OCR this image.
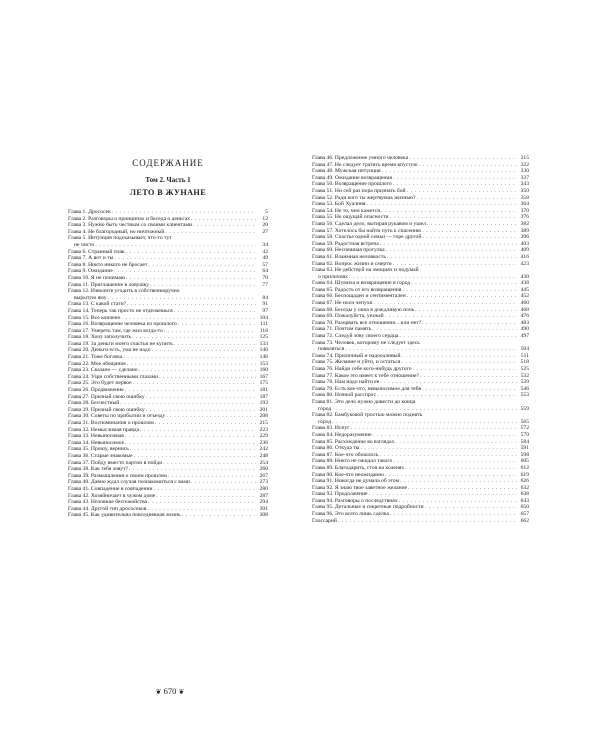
СОДЕРЖАНИЕ
Том 2. Часть 1
ЛЕТО В ЖУНАНЕ
Глава 1. Дрососек . . .	5
Глава 2. Разговоры о принципах и беседа о деньгах . . .	12
Глава 3. Нужно быть честным со своими клиентами . . .	20
Глава 4. Не благородный, но ничтожный . . .	27
Глава 5. Интуиция подсказывает, что-то тут
не чисто . . .	34
Глава 6. Странный плак . . .	42
Глава 7. А вот и ты . . .	49
Глава 8. Никто никого не бросает . . .	57
Глава 9. Ожидание . . .	64
Глава 10. Я не понимаю . . .	70
Глава 11. Приглашение в ловушку . . .	77
Глава 12. Изволите угодить в собственноручно
вырытую яму . . .	84
Глава 13. С какой стати? . . .	91
Глава 14. Теперь так просто не отделаешься . . .	97
Глава 15. Все кончено . . .	104
Глава 16. Возвращение человека из прошлого . . .	111
Глава 17. Умереть там, где жил когда-то . . .	118
Глава 18. Хочу заполучить . . .	125
Глава 19. За деньги моего счастья не купить . . .	133
Глава 20. Деньги есть, ума не надо . . .	140
Глава 21. Тоже богачка . . .	146
Глава 22. Мое обещание . . .	153
Глава 23. Сказано — сделано . . .	160
Глава 24. Узри собственными глазами . . .	167
Глава 25. Это будет первое . . .	175
Глава 26. Продвижение . . .	181
Глава 27. Признай свою ошибку . . .	187
Глава 28. Бесчестный . . .	193
Глава 29. Признай свою ошибку . . .	201
Глава 30. Советы по прибытии и отъезду . . .	208
Глава 31. Воспоминания о прошлом . . .	215
Глава 32. Немыслимая правда . . .	223
Глава 33. Невыносимая . . .	229
Глава 34. Невыносимое . . .	236
Глава 35. Прошу, вернись . . .	242
Глава 36. Старые знакомые . . .	248
Глава 37. Пойду вместо партии в пойди . . .	254
Глава 38. Как тебя зовут? . . .	260
Глава 39. Размышления о своем прошлом . . .	267
Глава 40. Давно ждал случая познакомиться с вами . . .	273
Глава 41. Совпадение в совпадении . . .	280
Глава 42. Хозяйничает в чужом доме . . .	287
Глава 43. Неловкие беспокойства . . .	294
Глава 44. Другой тип дрососеков . . .	301
Глава 45. Как удивительна повседневная жизнь . . .	308
Глава 46. Предложение умного человека . . .	315
Глава 47. Не следует тратить время впустую . . .	322
Глава 48. Мужская интуиция . . .	330
Глава 49. Ожидание возвращения . . .	337
Глава 50. Возвращение прошлого . . .	343
Глава 51. Ни сей раз пора признать бой . . .	350
Глава 52. Ради кого ты жертвуешь жизнью? . . .	358
Глава 53. Бой Хуалиня . . .	364
Глава 54. Не то, чем кажется . . .	370
Глава 55. Не ощущай опасности . . .	376
Глава 56. Сделал дело, вытирая рукавом и ушел . . .	382
Глава 57. Хотелось бы найти путь к спасению . . .	389
Глава 58. Счастье одной семьи — горе другой . . .	396
Глава 59. Радостная встреча . . .	403
Глава 60. Неспешная прогулка . . .	409
Глава 61. Взаимная неловкость . . .	416
Глава 62. Вопрос жизни и смерти . . .	423
Глава 63. Не действуй на эмоциях и подумай
о приличиях . . .	430
Глава 64. Шумиха и возвращение в город . . .	438
Глава 65. Радость от его возвращения . . .	445
Глава 66. Беспощаден и сентиментален . . .	452
Глава 67. Не носи чепухи . . .	460
Глава 68. Беседы у окна в дождливую ночь . . .	468
Глава 69. Пожалуйста, уезжай . . .	476
Глава 70. Разорвать все отношения... или нет? . . .	483
Глава 71. Почтим память . . .	490
Глава 72. Следуй зову своего сердца . . .	497
Глава 73. Человек, которому не следует здесь
появляться . . .	504
Глава 74. Приличный и надоедливый . . .	511
Глава 75. Желание и уйти, и остаться . . .	518
Глава 76. Найди себе кого-нибудь другого . . .	525
Глава 77. Какое это имеет к тебе отношение? . . .	532
Глава 78. Нам надо найти ее . . .	539
Глава 79. Есть кое-что, невыносимое для тебя . . .	546
Глава 80. Ночной расспрос . . .	553
Глава 81. Это дело нужно довести до конца
город . . .	559
Глава 82. Бамбуковой тростью можно поднять
город . . .	565
Глава 83. Испуг . . .	572
Глава 84. Недоразумение . . .	579
Глава 85. Расхождение во взглядах . . .	584
Глава 86. Откуда ты . . .	591
Глава 87. Кое-что обошлось . . .	598
Глава 88. Никто не ожидал такого . . .	605
Глава 89. Благодарить, стоя на коленях . . .	612
Глава 90. Кое-что неожиданно . . .	619
Глава 91. Никогда не думала об этом . . .	626
Глава 92. Я знаю твое заветное желание . . .	632
Глава 93. Продолжение . . .	638
Глава 94. Разговоры о последствиях . . .	643
Глава 95. Детальные и секретные подробности . . .	650
Глава 96. Это всего лишь сделка . . .	657
Глоссарий . . .	662
❦ 670 ❦
